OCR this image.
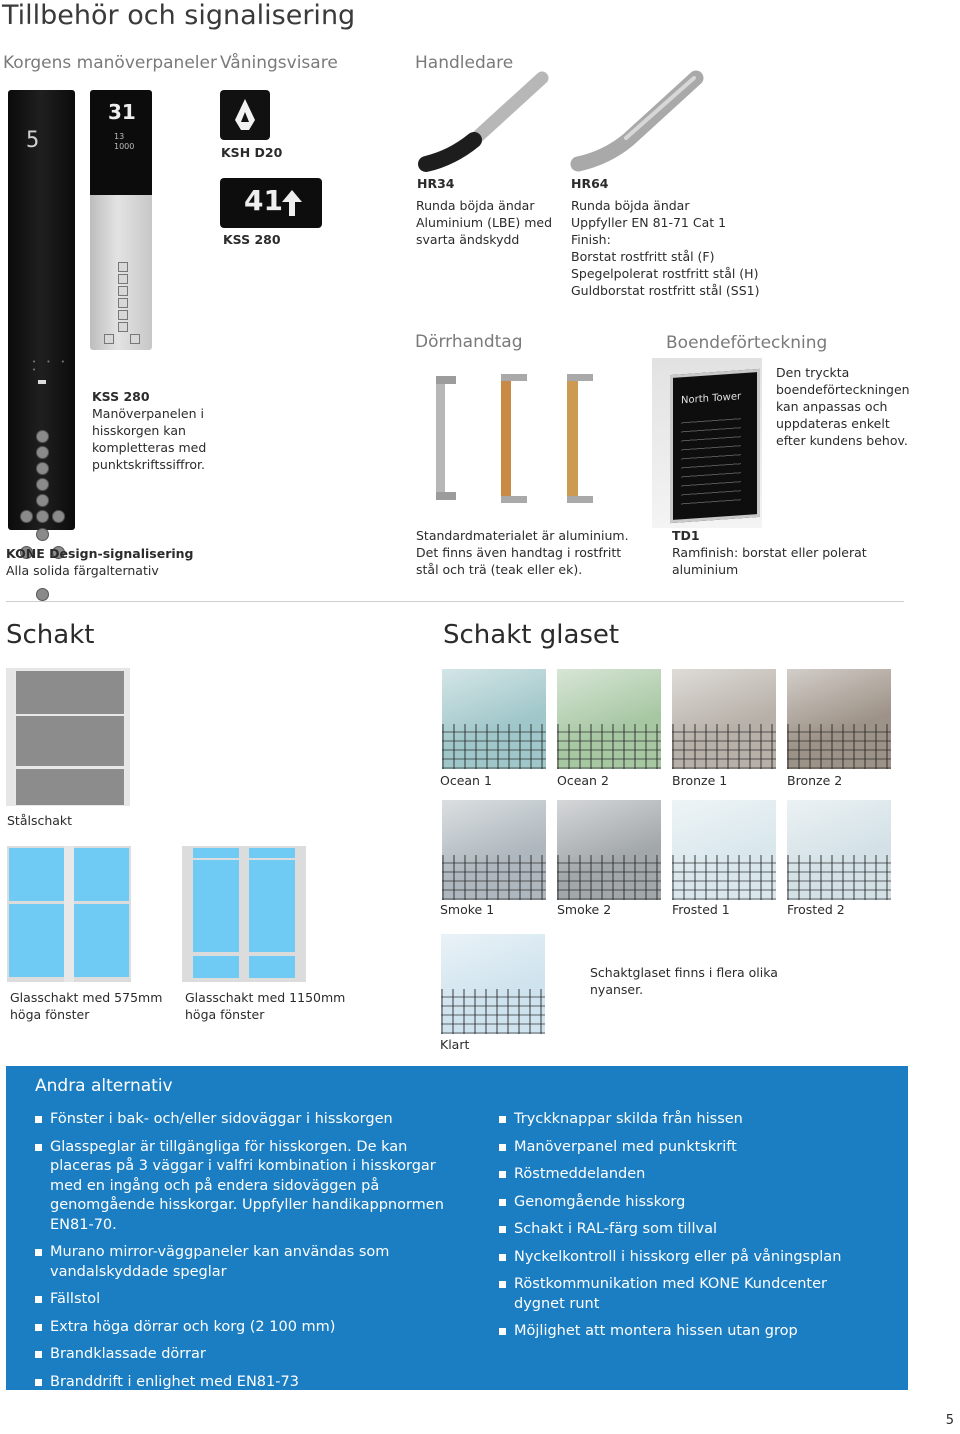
Tillbehör och signalisering
Korgens manöverpaneler Våningsvisare	Handledare
5
• • • •
31
13
1000	KSH D20
41
KSS 280
HR34
Runda böjda ändar
Aluminium (LBE) med
svarta ändskydd
HR64
Runda böjda ändar
Uppfyller EN 81-71 Cat 1
Finish:
Borstat rostfritt stål (F)
Spegelpolerat rostfritt stål (H)
Guldborstat rostfritt stål (SS1)
Dörrhandtag	Boendeförteckning
KSS 280
Manöverpanelen i
hisskorgen kan
kompletteras med
punktskriftssiffror.
North Tower
Den tryckta
boendeförteckningen
kan anpassas och
uppdateras enkelt
efter kundens behov.
KONE Design-signalisering
Alla solida färgalternativ
Standardmaterialet är aluminium.
Det finns även handtag i rostfritt
stål och trä (teak eller ek).
TD1
Ramfinish: borstat eller polerat
aluminium
Schakt	Schakt glaset
Stålschakt
Glasschakt med 575mm
höga fönster
Glasschakt med 1150mm
höga fönster
Ocean 1	Ocean 2	Bronze 1	Bronze 2
Smoke 1	Smoke 2	Frosted 1	Frosted 2
Klart
Schaktglaset finns i flera olika
nyanser.
Andra alternativ
Fönster i bak- och/eller sidoväggar i hisskorgen
Glasspeglar är tillgängliga för hisskorgen. De kan placeras på 3 väggar i valfri kombination i hisskorgar med en ingång och på endera sidoväggen på genomgående hisskorgar. Uppfyller handikappnormen EN81-70.
Murano mirror-väggpaneler kan användas som vandalskyddade speglar
Fällstol
Extra höga dörrar och korg (2 100 mm)
Brandklassade dörrar
Branddrift i enlighet med EN81-73
Tryckknappar skilda från hissen
Manöverpanel med punktskrift
Röstmeddelanden
Genomgående hisskorg
Schakt i RAL-färg som tillval
Nyckelkontroll i hisskorg eller på våningsplan
Röstkommunikation med KONE Kundcenter dygnet runt
Möjlighet att montera hissen utan grop
5
